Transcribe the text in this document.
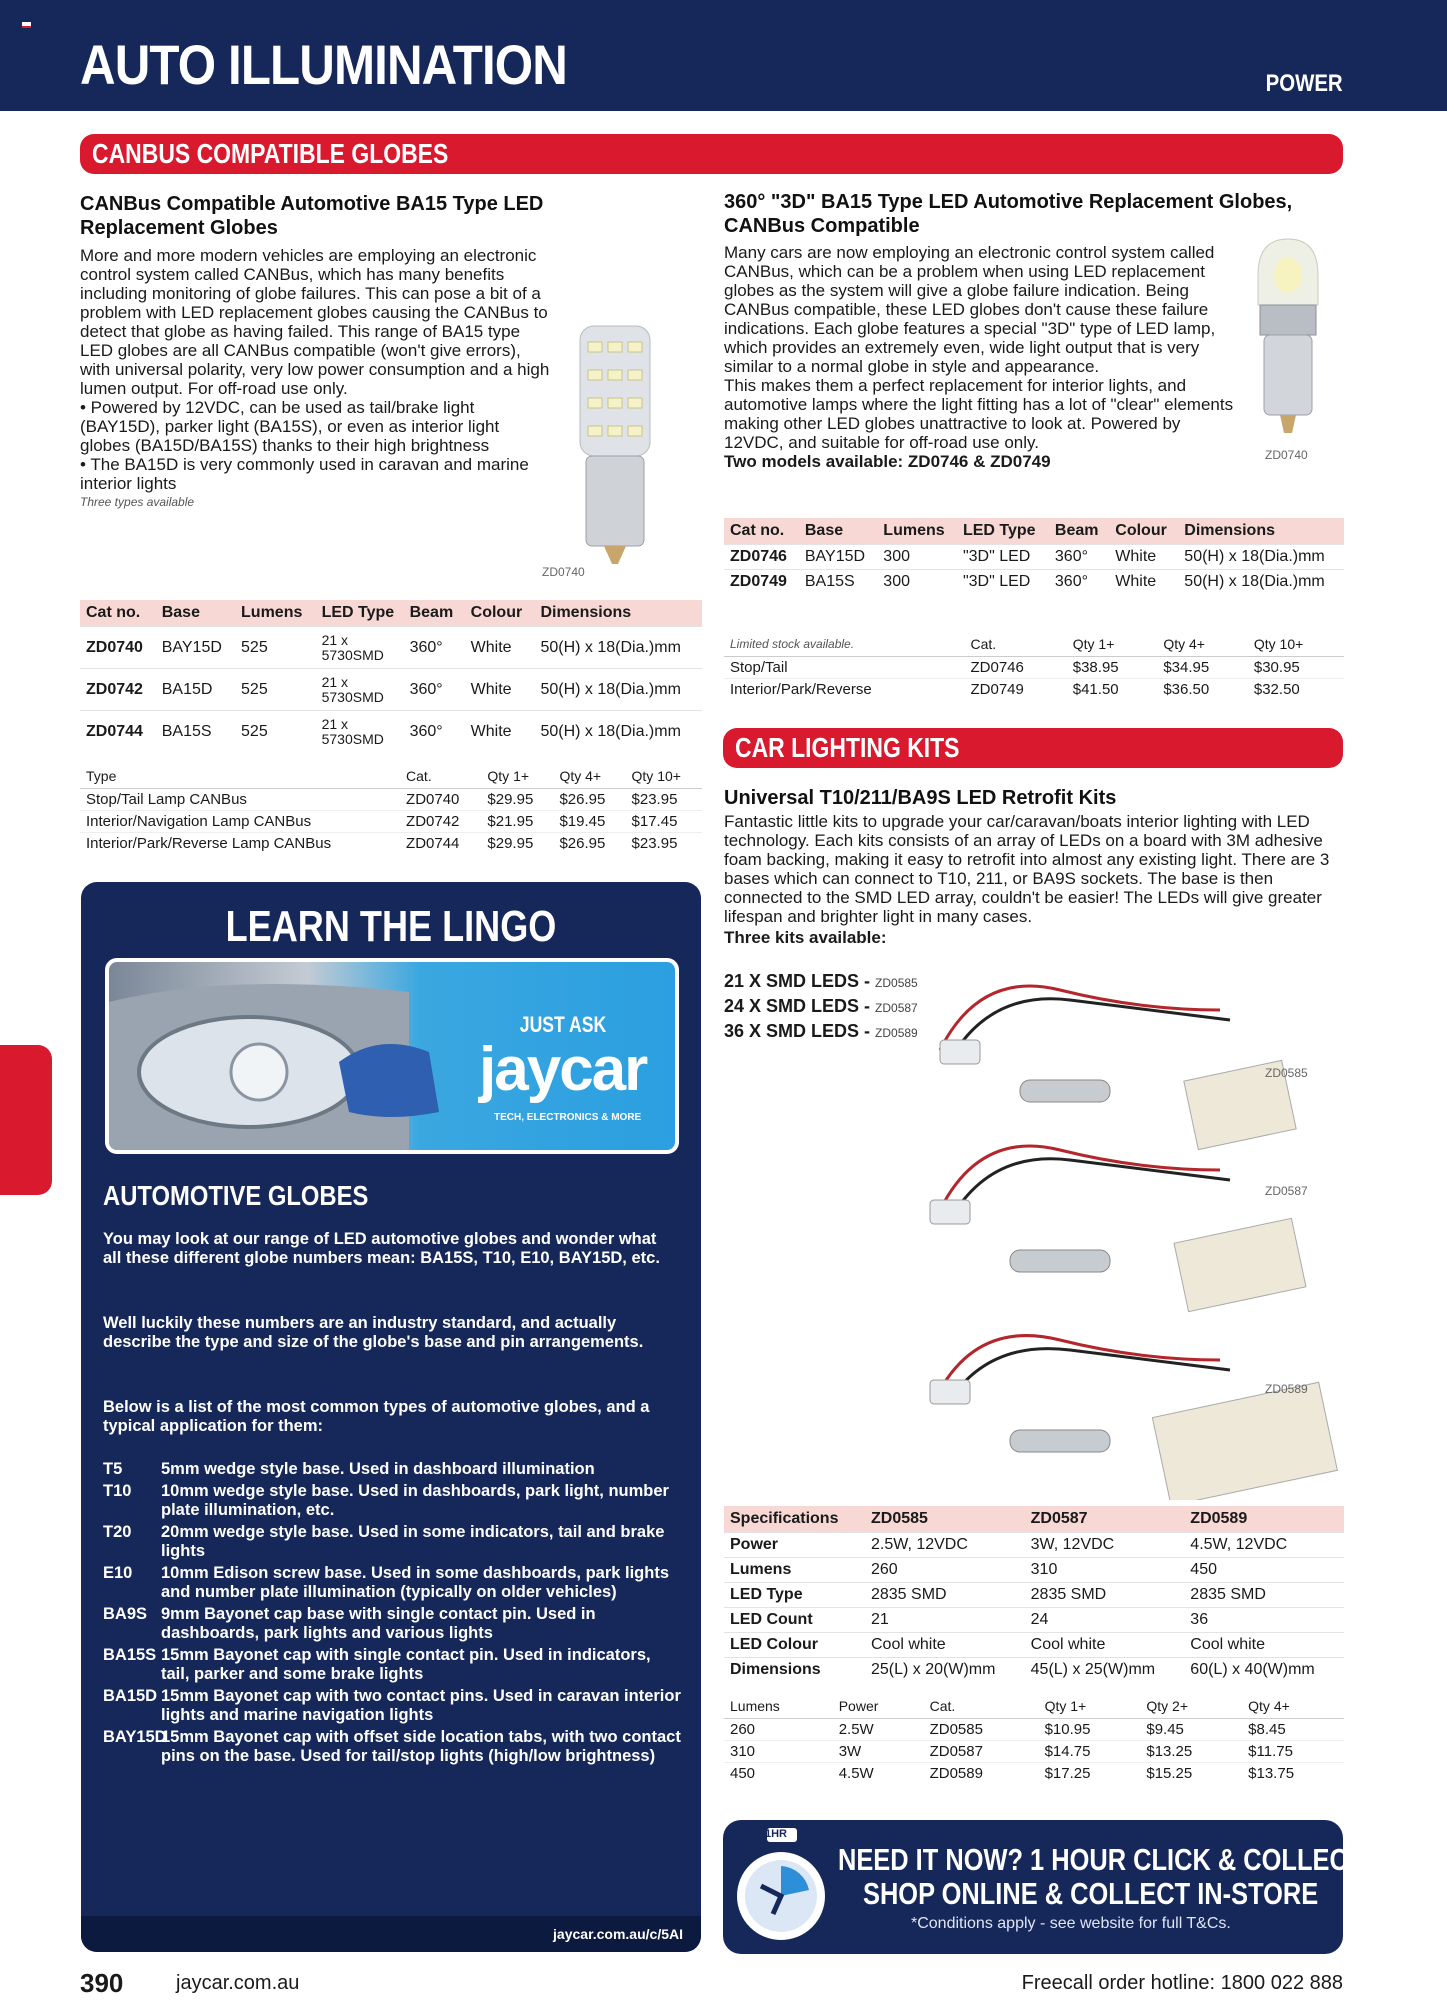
AUTO ILLUMINATION	POWER
CANBUS COMPATIBLE GLOBES
CANBus Compatible Automotive BA15 Type LED Replacement Globes

More and more modern vehicles are employing an electronic control system called CANBus, which has many benefits including monitoring of globe failures. This can pose a bit of a problem with LED replacement globes causing the CANBus to detect that globe as having failed. This range of BA15 type LED globes are all CANBus compatible (won't give errors), with universal polarity, very low power consumption and a high lumen output. For off-road use only.

• Powered by 12VDC, can be used as tail/brake light (BAY15D), parker light (BA15S), or even as interior light globes (BA15D/BA15S) thanks to their high brightness

• The BA15D is very commonly used in caravan and marine interior lights

Three types available

ZD0740
Cat no.	Base	Lumens	LED Type	Beam	Colour	Dimensions
ZD0740	BAY15D	525	21 x 5730SMD	360°	White	50(H) x 18(Dia.)mm
ZD0742	BA15D	525	21 x 5730SMD	360°	White	50(H) x 18(Dia.)mm
ZD0744	BA15S	525	21 x 5730SMD	360°	White	50(H) x 18(Dia.)mm
Type	Cat.	Qty 1+	Qty 4+	Qty 10+
Stop/Tail Lamp CANBus	ZD0740	$29.95	$26.95	$23.95
Interior/Navigation Lamp CANBus	ZD0742	$21.95	$19.45	$17.45
Interior/Park/Reverse Lamp CANBus	ZD0744	$29.95	$26.95	$23.95
LEARN THE LINGO
JUST ASK
jaycar
TECH, ELECTRONICS & MORE
AUTOMOTIVE GLOBES
You may look at our range of LED automotive globes and wonder what all these different globe numbers mean: BA15S, T10, E10, BAY15D, etc.
Well luckily these numbers are an industry standard, and actually describe the type and size of the globe's base and pin arrangements.
Below is a list of the most common types of automotive globes, and a typical application for them:
T5	5mm wedge style base. Used in dashboard illumination
T10	10mm wedge style base. Used in dashboards, park light, number plate illumination, etc.
T20	20mm wedge style base. Used in some indicators, tail and brake lights
E10	10mm Edison screw base. Used in some dashboards, park lights and number plate illumination (typically on older vehicles)
BA9S 9mm Bayonet cap base with single contact pin. Used in dashboards, park lights and various lights
BA15S 15mm Bayonet cap with single contact pin. Used in indicators, tail, parker and some brake lights
BA15D 15mm Bayonet cap with two contact pins. Used in caravan interior lights and marine navigation lights
BAY15D
15mm Bayonet cap with offset side location tabs, with two contact pins on the base. Used for tail/stop lights (high/low brightness)
jaycar.com.au/c/5AI
360° "3D" BA15 Type LED Automotive Replacement Globes, CANBus Compatible

Many cars are now employing an electronic control system called CANBus, which can be a problem when using LED replacement globes as the system will give a globe failure indication. Being CANBus compatible, these LED globes don't cause these failure indications. Each globe features a special "3D" type of LED lamp, which provides an extremely even, wide light output that is very similar to a normal globe in style and appearance.

This makes them a perfect replacement for interior lights, and automotive lamps where the light fitting has a lot of "clear" elements making other LED globes unattractive to look at. Powered by 12VDC, and suitable for off-road use only.

Two models available: ZD0746 & ZD0749	ZD0740
Cat no.	Base	Lumens	LED Type	Beam	Colour	Dimensions
ZD0746	BAY15D	300	"3D" LED	360°	White	50(H) x 18(Dia.)mm
ZD0749	BA15S	300	"3D" LED	360°	White	50(H) x 18(Dia.)mm
Limited stock available.	Cat.	Qty 1+	Qty 4+	Qty 10+
Stop/Tail	ZD0746	$38.95	$34.95	$30.95
Interior/Park/Reverse	ZD0749	$41.50	$36.50	$32.50
CAR LIGHTING KITS
Universal T10/211/BA9S LED Retrofit Kits

Fantastic little kits to upgrade your car/caravan/boats interior lighting with LED technology. Each kits consists of an array of LEDs on a board with 3M adhesive foam backing, making it easy to retrofit into almost any existing light. There are 3 bases which can connect to T10, 211, or BA9S sockets. The base is then connected to the SMD LED array, couldn't be easier! The LEDs will give greater lifespan and brighter light in many cases.

Three kits available:

21 X SMD LEDS - ZD0585
24 X SMD LEDS - ZD0587
36 X SMD LEDS - ZD0589
ZD0585
ZD0587
ZD0589
Specifications	ZD0585	ZD0587	ZD0589
Power	2.5W, 12VDC	3W, 12VDC	4.5W, 12VDC
Lumens	260	310	450
LED Type	2835 SMD	2835 SMD	2835 SMD
LED Count	21	24	36
LED Colour	Cool white	Cool white	Cool white
Dimensions	25(L) x 20(W)mm	45(L) x 25(W)mm	60(L) x 40(W)mm
Lumens	Power	Cat.	Qty 1+	Qty 2+	Qty 4+
260	2.5W	ZD0585	$10.95	$9.45	$8.45
310	3W	ZD0587	$14.75	$13.25	$11.75
450	4.5W	ZD0589	$17.25	$15.25	$13.75
1HR
NEED IT NOW? 1 HOUR CLICK & COLLECT
SHOP ONLINE & COLLECT IN-STORE
*Conditions apply - see website for full T&Cs.
390	jaycar.com.au	Freecall order hotline: 1800 022 888
